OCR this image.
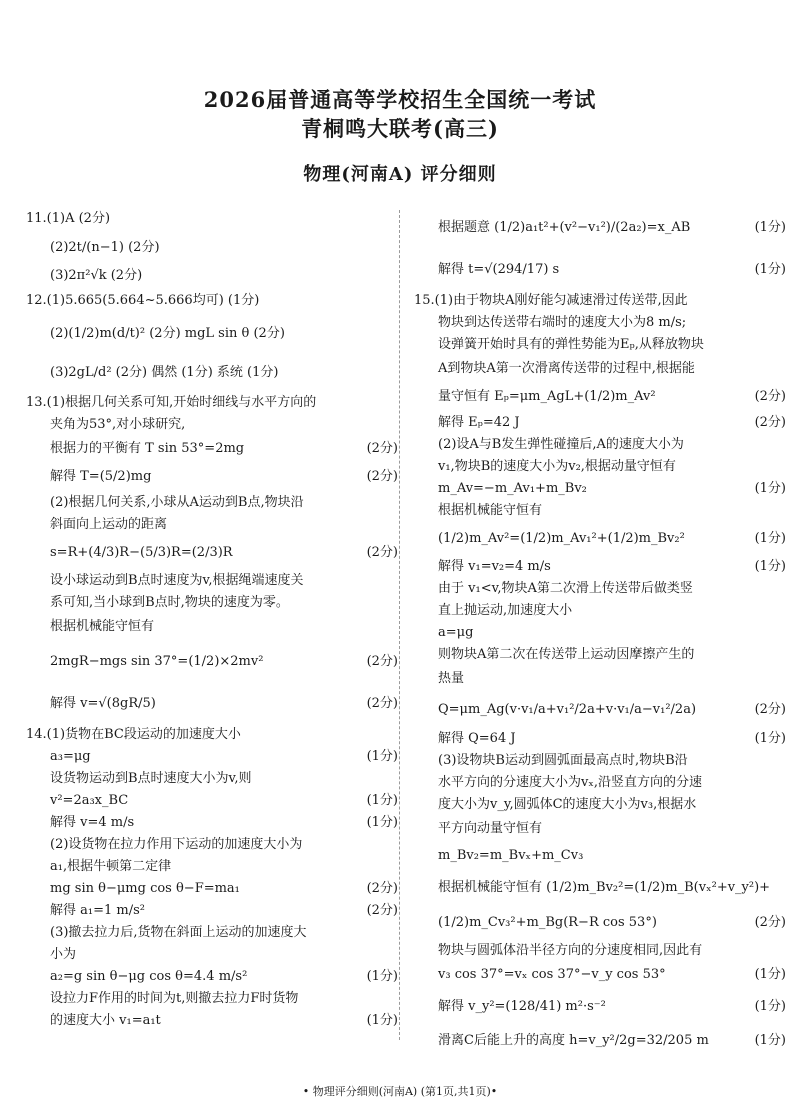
2026届普通高等学校招生全国统一考试
青桐鸣大联考(高三)
物理(河南A) 评分细则
11.(1)A (2分)
(2)2t/(n−1) (2分)
(3)2π²√k (2分)
12.(1)5.665(5.664~5.666均可) (1分)
(2)(1/2)m(d/t)² (2分) mgL sin θ (2分)
(3)2gL/d² (2分) 偶然 (1分) 系统 (1分)
13.(1)根据几何关系可知,开始时细线与水平方向的
夹角为53°,对小球研究,
根据力的平衡有 T sin 53°=2mg	(2分)
解得 T=(5/2)mg	(2分)
(2)根据几何关系,小球从A运动到B点,物块沿
斜面向上运动的距离
s=R+(4/3)R−(5/3)R=(2/3)R	(2分)
设小球运动到B点时速度为v,根据绳端速度关
系可知,当小球到B点时,物块的速度为零。
根据机械能守恒有
2mgR−mgs sin 37°=(1/2)×2mv²	(2分)
解得 v=√(8gR/5)	(2分)
14.(1)货物在BC段运动的加速度大小
a₃=μg	(1分)
设货物运动到B点时速度大小为v,则
v²=2a₃x_BC	(1分)
解得 v=4 m/s	(1分)
(2)设货物在拉力作用下运动的加速度大小为
a₁,根据牛顿第二定律
mg sin θ−μmg cos θ−F=ma₁	(2分)
解得 a₁=1 m/s²	(2分)
(3)撤去拉力后,货物在斜面上运动的加速度大
小为
a₂=g sin θ−μg cos θ=4.4 m/s²	(1分)
设拉力F作用的时间为t,则撤去拉力F时货物
的速度大小 v₁=a₁t	(1分)
根据题意 (1/2)a₁t²+(v²−v₁²)/(2a₂)=x_AB	(1分)
解得 t=√(294/17) s	(1分)
15.(1)由于物块A刚好能匀减速滑过传送带,因此
物块到达传送带右端时的速度大小为8 m/s;
设弹簧开始时具有的弹性势能为Eₚ,从释放物块
A到物块A第一次滑离传送带的过程中,根据能
量守恒有 Eₚ=μm_AgL+(1/2)m_Av²	(2分)
解得 Eₚ=42 J	(2分)
(2)设A与B发生弹性碰撞后,A的速度大小为
v₁,物块B的速度大小为v₂,根据动量守恒有
m_Av=−m_Av₁+m_Bv₂	(1分)
根据机械能守恒有
(1/2)m_Av²=(1/2)m_Av₁²+(1/2)m_Bv₂²	(1分)
解得 v₁=v₂=4 m/s	(1分)
由于 v₁<v,物块A第二次滑上传送带后做类竖
直上抛运动,加速度大小
a=μg
则物块A第二次在传送带上运动因摩擦产生的
热量
Q=μm_Ag(v·v₁/a+v₁²/2a+v·v₁/a−v₁²/2a)	(2分)
解得 Q=64 J	(1分)
(3)设物块B运动到圆弧面最高点时,物块B沿
水平方向的分速度大小为vₓ,沿竖直方向的分速
度大小为v_y,圆弧体C的速度大小为v₃,根据水
平方向动量守恒有
m_Bv₂=m_Bvₓ+m_Cv₃
根据机械能守恒有 (1/2)m_Bv₂²=(1/2)m_B(vₓ²+v_y²)+
(1/2)m_Cv₃²+m_Bg(R−R cos 53°)	(2分)
物块与圆弧体沿半径方向的分速度相同,因此有
v₃ cos 37°=vₓ cos 37°−v_y cos 53°	(1分)
解得 v_y²=(128/41) m²·s⁻²	(1分)
滑离C后能上升的高度 h=v_y²/2g=32/205 m	(1分)
• 物理评分细则(河南A) (第1页,共1页)•
